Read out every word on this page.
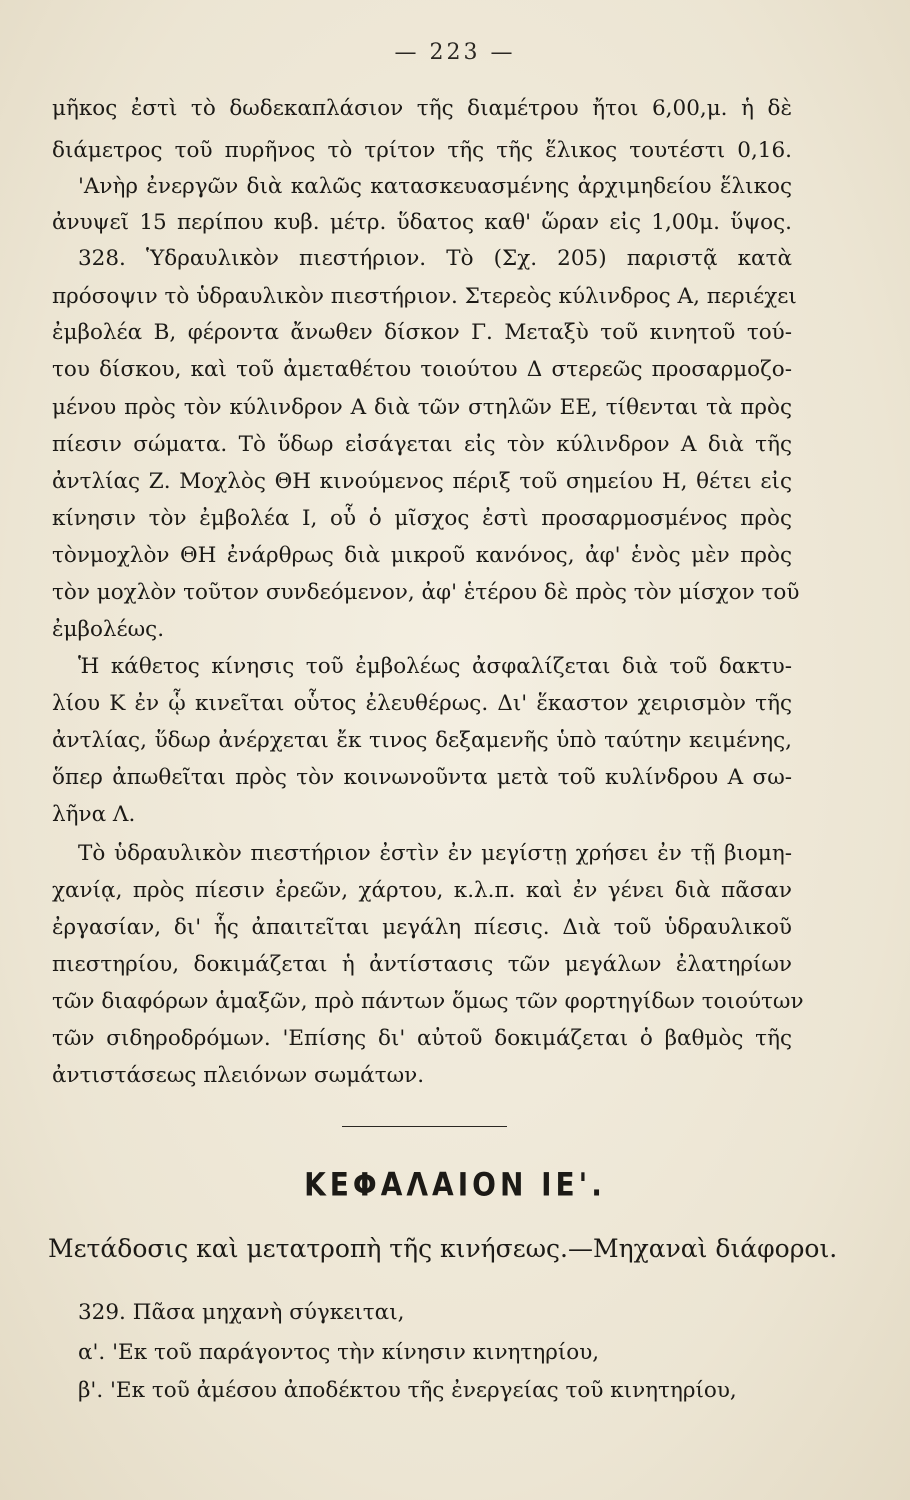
— 223 —
μῆκος ἐστὶ τὸ δωδεκαπλάσιον τῆς διαμέτρου ἤτοι 6,00,μ. ἡ δὲ
διάμετρος τοῦ πυρῆνος τὸ τρίτον τῆς τῆς ἕλικος τουτέστι 0,16.
'Ανὴρ ἐνεργῶν διὰ καλῶς κατασκευασμένης ἀρχιμηδείου ἕλικος
ἀνυψεῖ 15 περίπου κυβ. μέτρ. ὕδατος καθ' ὥραν εἰς 1,00μ. ὕψος.
328. Ὑδραυλικὸν πιεστήριον. Τὸ (Σχ. 205) παριστᾷ κατὰ
πρόσοψιν τὸ ὑδραυλικὸν πιεστήριον. Στερεὸς κύλινδρος Α, περιέχει
ἐμβολέα Β, φέροντα ἄνωθεν δίσκον Γ. Μεταξὺ τοῦ κινητοῦ τού-
του δίσκου, καὶ τοῦ ἀμεταθέτου τοιούτου Δ στερεῶς προσαρμοζο-
μένου πρὸς τὸν κύλινδρον Α διὰ τῶν στηλῶν ΕΕ, τίθενται τὰ πρὸς
πίεσιν σώματα. Τὸ ὕδωρ εἰσάγεται εἰς τὸν κύλινδρον Α διὰ τῆς
ἀντλίας Ζ. Μοχλὸς ΘΗ κινούμενος πέριξ τοῦ σημείου Η, θέτει εἰς
κίνησιν τὸν ἐμβολέα Ι, οὗ ὁ μῖσχος ἐστὶ προσαρμοσμένος πρὸς
τὸνμοχλὸν ΘΗ ἐνάρθρως διὰ μικροῦ κανόνος, ἀφ' ἑνὸς μὲν πρὸς
τὸν μοχλὸν τοῦτον συνδεόμενον, ἀφ' ἑτέρου δὲ πρὸς τὸν μίσχον τοῦ
ἐμβολέως.
Ἡ κάθετος κίνησις τοῦ ἐμβολέως ἀσφαλίζεται διὰ τοῦ δακτυ-
λίου Κ ἐν ᾧ κινεῖται οὗτος ἐλευθέρως. Δι' ἕκαστον χειρισμὸν τῆς
ἀντλίας, ὕδωρ ἀνέρχεται ἔκ τινος δεξαμενῆς ὑπὸ ταύτην κειμένης,
ὅπερ ἀπωθεῖται πρὸς τὸν κοινωνοῦντα μετὰ τοῦ κυλίνδρου Α σω-
λῆνα Λ.
Τὸ ὑδραυλικὸν πιεστήριον ἐστὶν ἐν μεγίστῃ χρήσει ἐν τῇ βιομη-
χανίᾳ, πρὸς πίεσιν ἐρεῶν, χάρτου, κ.λ.π. καὶ ἐν γένει διὰ πᾶσαν
ἐργασίαν, δι' ἧς ἀπαιτεῖται μεγάλη πίεσις. Διὰ τοῦ ὑδραυλικοῦ
πιεστηρίου, δοκιμάζεται ἡ ἀντίστασις τῶν μεγάλων ἐλατηρίων
τῶν διαφόρων ἁμαξῶν, πρὸ πάντων ὅμως τῶν φορτηγίδων τοιούτων
τῶν σιδηροδρόμων. 'Επίσης δι' αὐτοῦ δοκιμάζεται ὁ βαθμὸς τῆς
ἀντιστάσεως πλειόνων σωμάτων.
ΚΕΦΑΛΑΙΟΝ ΙΕ'.
Μετάδοσις καὶ μετατροπὴ τῆς κινήσεως.—Μηχαναὶ διάφοροι.
329. Πᾶσα μηχανὴ σύγκειται,
α'. 'Εκ τοῦ παράγοντος τὴν κίνησιν κινητηρίου,
β'. 'Εκ τοῦ ἀμέσου ἀποδέκτου τῆς ἐνεργείας τοῦ κινητηρίου,
